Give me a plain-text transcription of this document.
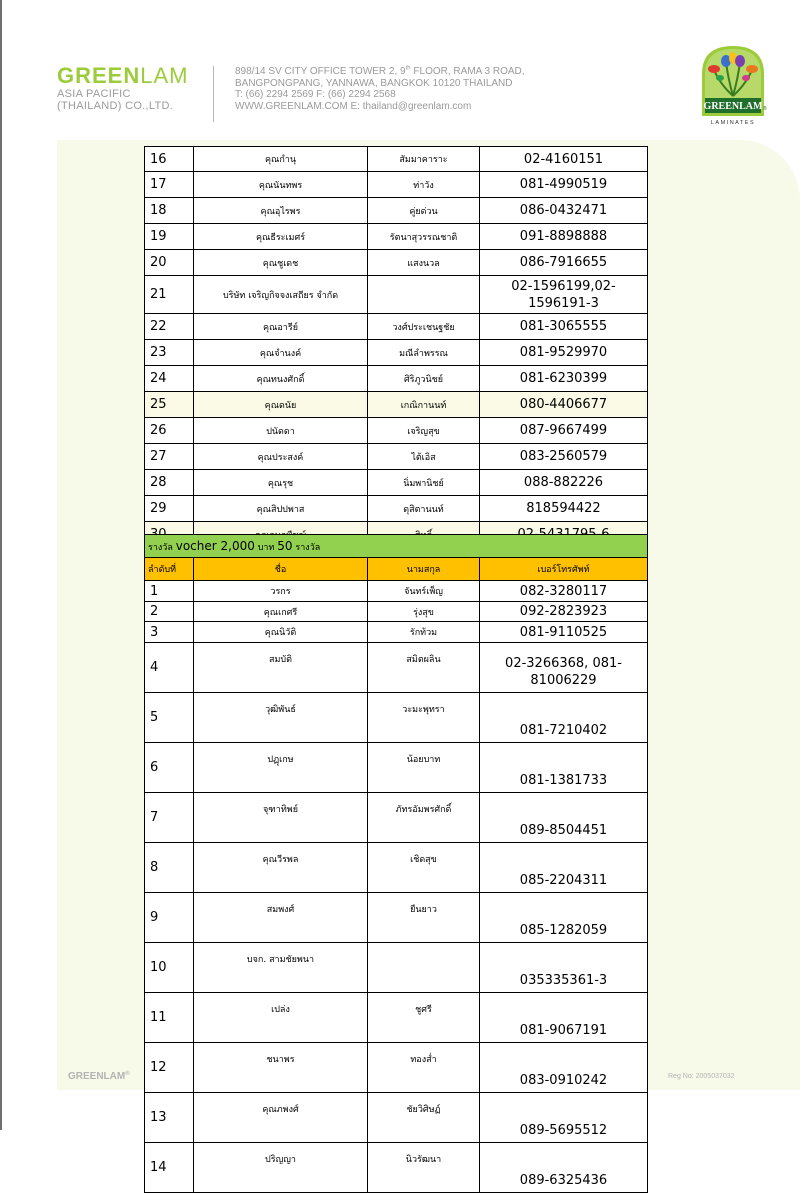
GREENLAM
ASIA PACIFIC
(THAILAND) CO.,LTD.
898/14 SV CITY OFFICE TOWER 2, 9th FLOOR, RAMA 3 ROAD,
BANGPONGPANG, YANNAWA, BANGKOK 10120 THAILAND
T: (66) 2294 2569 F: (66) 2294 2568
WWW.GREENLAM.COM E: thailand@greenlam.com	GREENLAM ®
LAMINATES
16	คุณกำนุ	สัมมาคาราะ	02-4160151
17	คุณนันทพร	ท่าวัง	081-4990519
18	คุณอุไรพร	คู่ยด่วน	086-0432471
19	คุณธีระเมศร์	รัตนาสุวรรณชาติ	091-8898888
20	คุณชูเดช	แสงนวล	086-7916655
21	บริษัท เจริญกิจจงเสถียร จำกัด		02-1596199,02-1596191-3
22	คุณอารีย์	วงศ์ประเชนฐชัย	081-3065555
23	คุณจำนงค์	มณีลำพรรณ	081-9529970
24	คุณทนงศักดิ์	ศิริภูวนิชย์	081-6230399
25	คุณดนัย	เกณิกานนท์	080-4406677
26	ปนัดดา	เจริญสุข	087-9667499
27	คุณประสงค์	ไต้เอิส	083-2560579
28	คุณรุช	นิ่มพานิชย์	088-882226
29	คุณสิปปพาส	ดุสิตานนท์	818594422

รางวัล vocher 2,000 บาท 50 รางวัล			
ลำดับที่	ชื่อ	นามสกุล	เบอร์โทรศัพท์
1	วรกร	จันทร์เพ็ญ	082-3280117
2	คุณเกศรี	รุ่งสุข	092-2823923
3	คุณนิวัติ	รักท้วม	081-9110525
4	สมบัติ	สมิตผลิน	02-3266368, 081-81006229
5	วุฒิพันธ์	วะมะพุทรา	081-7210402
6	ปฏุเกษ	น้อยบาท	081-1381733
7	จุฑาทิพย์	ภัทรอัมพรศักดิ์	089-8504451
8	คุณวีรพล	เชิดสุข	085-2204311
9	สมพงศ์	ยืนยาว	085-1282059
10	บจก. สามชัยพนา		035335361-3
11	เปล่ง	ชูศรี	081-9067191
12	ชนาพร	ทองส่ำ	083-0910242
13	คุณภพงศ์	ชัยวิศิษฏ์	089-5695512
14	ปริญญา	นิวรัฒนา	089-6325436
GREENLAM®	Reg No: 2005037032
